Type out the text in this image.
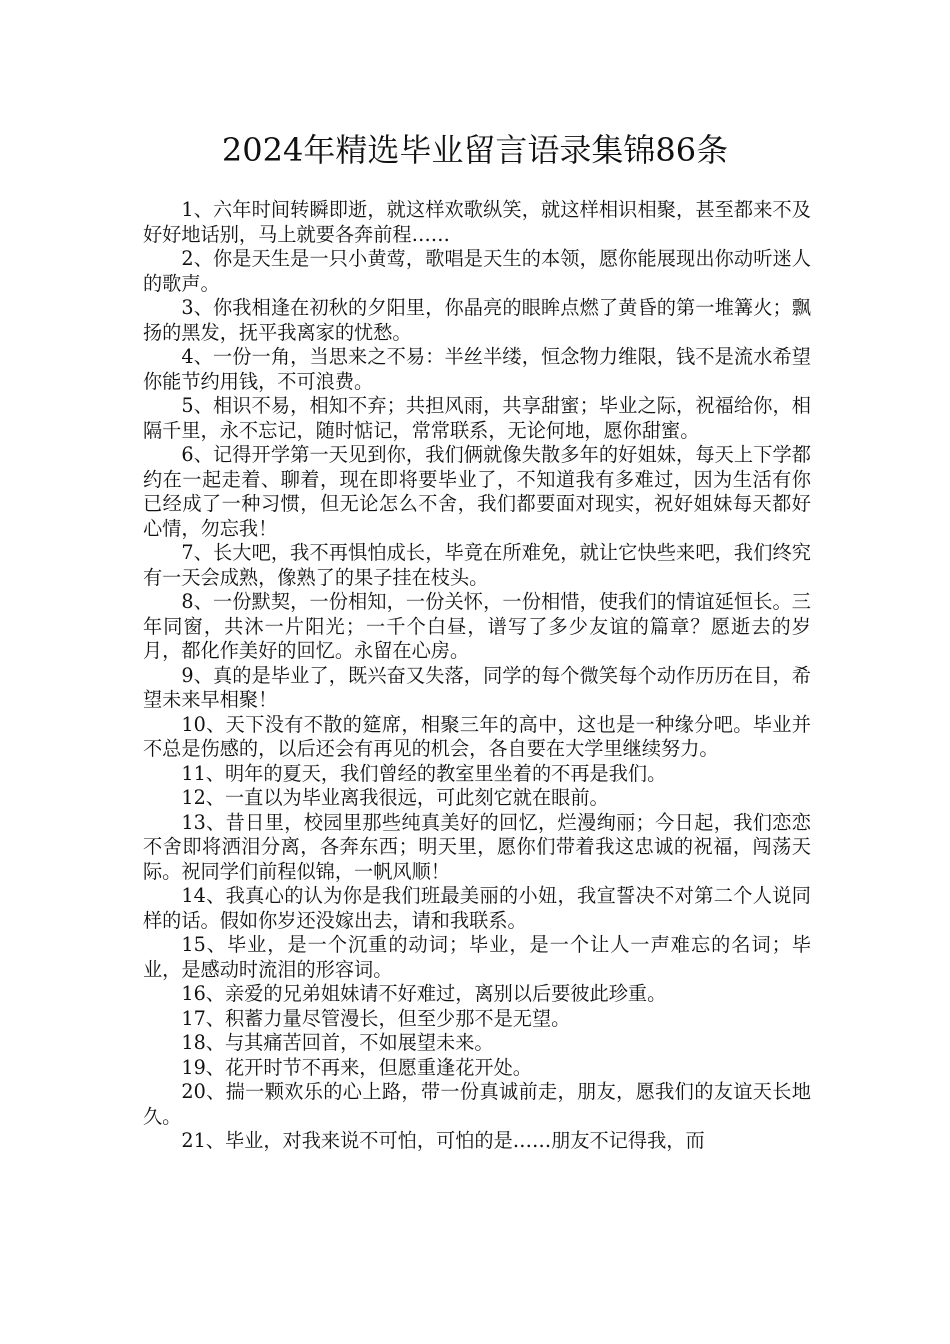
2024年精选毕业留言语录集锦86条

1、六年时间转瞬即逝，就这样欢歌纵笑，就这样相识相聚，甚至都来不及好好地话别，马上就要各奔前程……

2、你是天生是一只小黄莺，歌唱是天生的本领，愿你能展现出你动听迷人的歌声。

3、你我相逢在初秋的夕阳里，你晶亮的眼眸点燃了黄昏的第一堆篝火；飘扬的黑发，抚平我离家的忧愁。

4、一份一角，当思来之不易：半丝半缕，恒念物力维限，钱不是流水希望你能节约用钱，不可浪费。

5、相识不易，相知不弃；共担风雨，共享甜蜜；毕业之际，祝福给你，相隔千里，永不忘记，随时惦记，常常联系，无论何地，愿你甜蜜。

6、记得开学第一天见到你，我们俩就像失散多年的好姐妹，每天上下学都约在一起走着、聊着，现在即将要毕业了，不知道我有多难过，因为生活有你已经成了一种习惯，但无论怎么不舍，我们都要面对现实，祝好姐妹每天都好心情，勿忘我！

7、长大吧，我不再惧怕成长，毕竟在所难免，就让它快些来吧，我们终究有一天会成熟，像熟了的果子挂在枝头。

8、一份默契，一份相知，一份关怀，一份相惜，使我们的情谊延恒长。三年同窗，共沐一片阳光；一千个白昼，谱写了多少友谊的篇章？愿逝去的岁月，都化作美好的回忆。永留在心房。

9、真的是毕业了，既兴奋又失落，同学的每个微笑每个动作历历在目，希望未来早相聚！

10、天下没有不散的筵席，相聚三年的高中，这也是一种缘分吧。毕业并不总是伤感的，以后还会有再见的机会，各自要在大学里继续努力。

11、明年的夏天，我们曾经的教室里坐着的不再是我们。

12、一直以为毕业离我很远，可此刻它就在眼前。

13、昔日里，校园里那些纯真美好的回忆，烂漫绚丽；今日起，我们恋恋不舍即将洒泪分离，各奔东西；明天里，愿你们带着我这忠诚的祝福，闯荡天际。祝同学们前程似锦，一帆风顺！

14、我真心的认为你是我们班最美丽的小妞，我宣誓决不对第二个人说同样的话。假如你岁还没嫁出去，请和我联系。

15、毕业，是一个沉重的动词；毕业，是一个让人一声难忘的名词；毕业，是感动时流泪的形容词。

16、亲爱的兄弟姐妹请不好难过，离别以后要彼此珍重。

17、积蓄力量尽管漫长，但至少那不是无望。

18、与其痛苦回首，不如展望未来。

19、花开时节不再来，但愿重逢花开处。

20、揣一颗欢乐的心上路，带一份真诚前走，朋友，愿我们的友谊天长地久。

21、毕业，对我来说不可怕，可怕的是……朋友不记得我，而
